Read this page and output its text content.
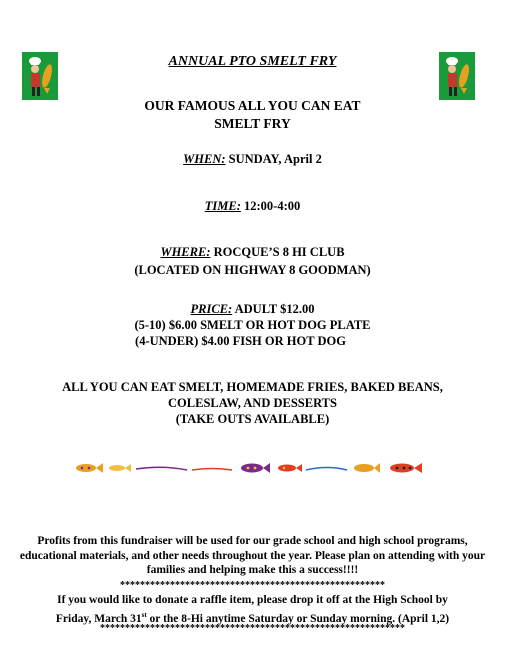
ANNUAL PTO SMELT FRY
OUR FAMOUS ALL YOU CAN EAT
SMELT FRY
WHEN: SUNDAY, April 2
TIME: 12:00-4:00
WHERE: ROCQUE’S 8 HI CLUB
(LOCATED ON HIGHWAY 8 GOODMAN)
PRICE: ADULT $12.00
(5-10) $6.00 SMELT OR HOT DOG PLATE
(4-UNDER) $4.00 FISH OR HOT DOG
ALL YOU CAN EAT SMELT, HOMEMADE FRIES, BAKED BEANS,
COLESLAW, AND DESSERTS
(TAKE OUTS AVAILABLE)
Profits from this fundraiser will be used for our grade school and high school programs,
educational materials, and other needs throughout the year. Please plan on attending with your
families and helping make this a success!!!!
*****************************************************
If you would like to donate a raffle item, please drop it off at the High School by
Friday, March 31st or the 8-Hi anytime Saturday or Sunday morning. (April 1,2)
*************************************************************
